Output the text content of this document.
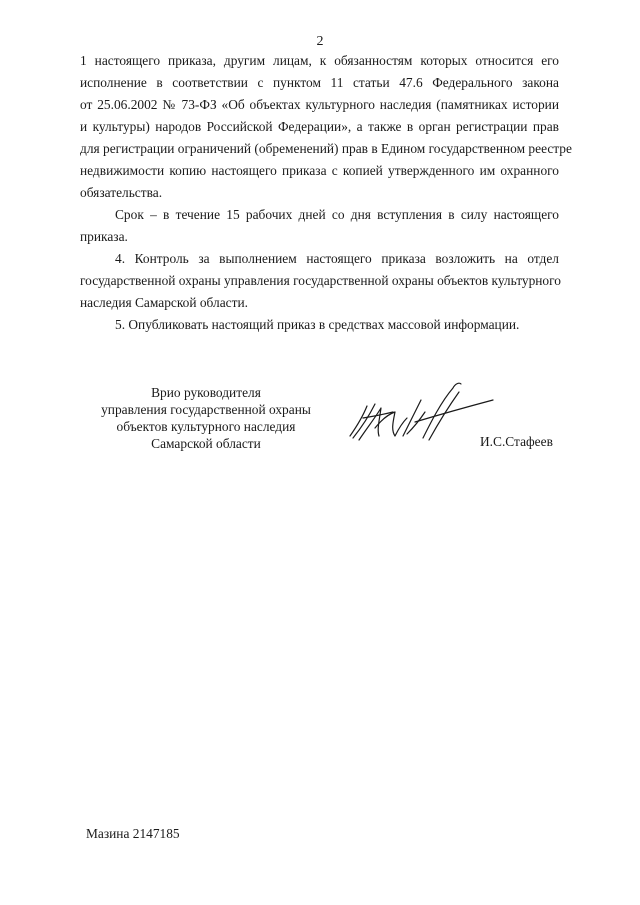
2
1 настоящего приказа, другим лицам, к обязанностям которых относится его
исполнение в соответствии с пунктом 11 статьи 47.6 Федерального закона
от 25.06.2002 № 73-ФЗ «Об объектах культурного наследия (памятниках истории
и культуры) народов Российской Федерации», а также в орган регистрации прав
для регистрации ограничений (обременений) прав в Едином государственном реестре
недвижимости копию настоящего приказа с копией утвержденного им охранного
обязательства.
Срок – в течение 15 рабочих дней со дня вступления в силу настоящего
приказа.
4. Контроль за выполнением настоящего приказа возложить на отдел
государственной охраны управления государственной охраны объектов культурного
наследия Самарской области.
5. Опубликовать настоящий приказ в средствах массовой информации.
Врио руководителя
управления государственной охраны
объектов культурного наследия
Самарской области	И.С.Стафеев
Мазина 2147185
